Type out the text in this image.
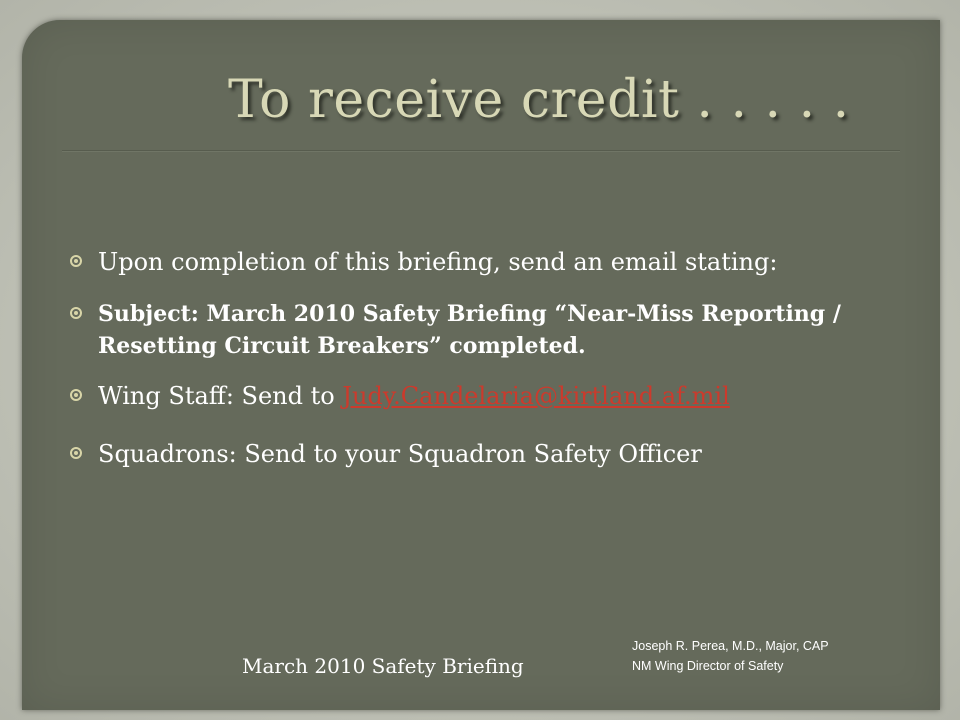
To receive credit . . . . .
Upon completion of this briefing, send an email stating:
Subject: March 2010 Safety Briefing “Near-Miss Reporting / Resetting Circuit Breakers” completed.
Wing Staff: Send to Judy.Candelaria@kirtland.af.mil
Squadrons: Send to your Squadron Safety Officer
March 2010 Safety Briefing
Joseph R. Perea, M.D., Major, CAP
NM Wing Director of Safety
